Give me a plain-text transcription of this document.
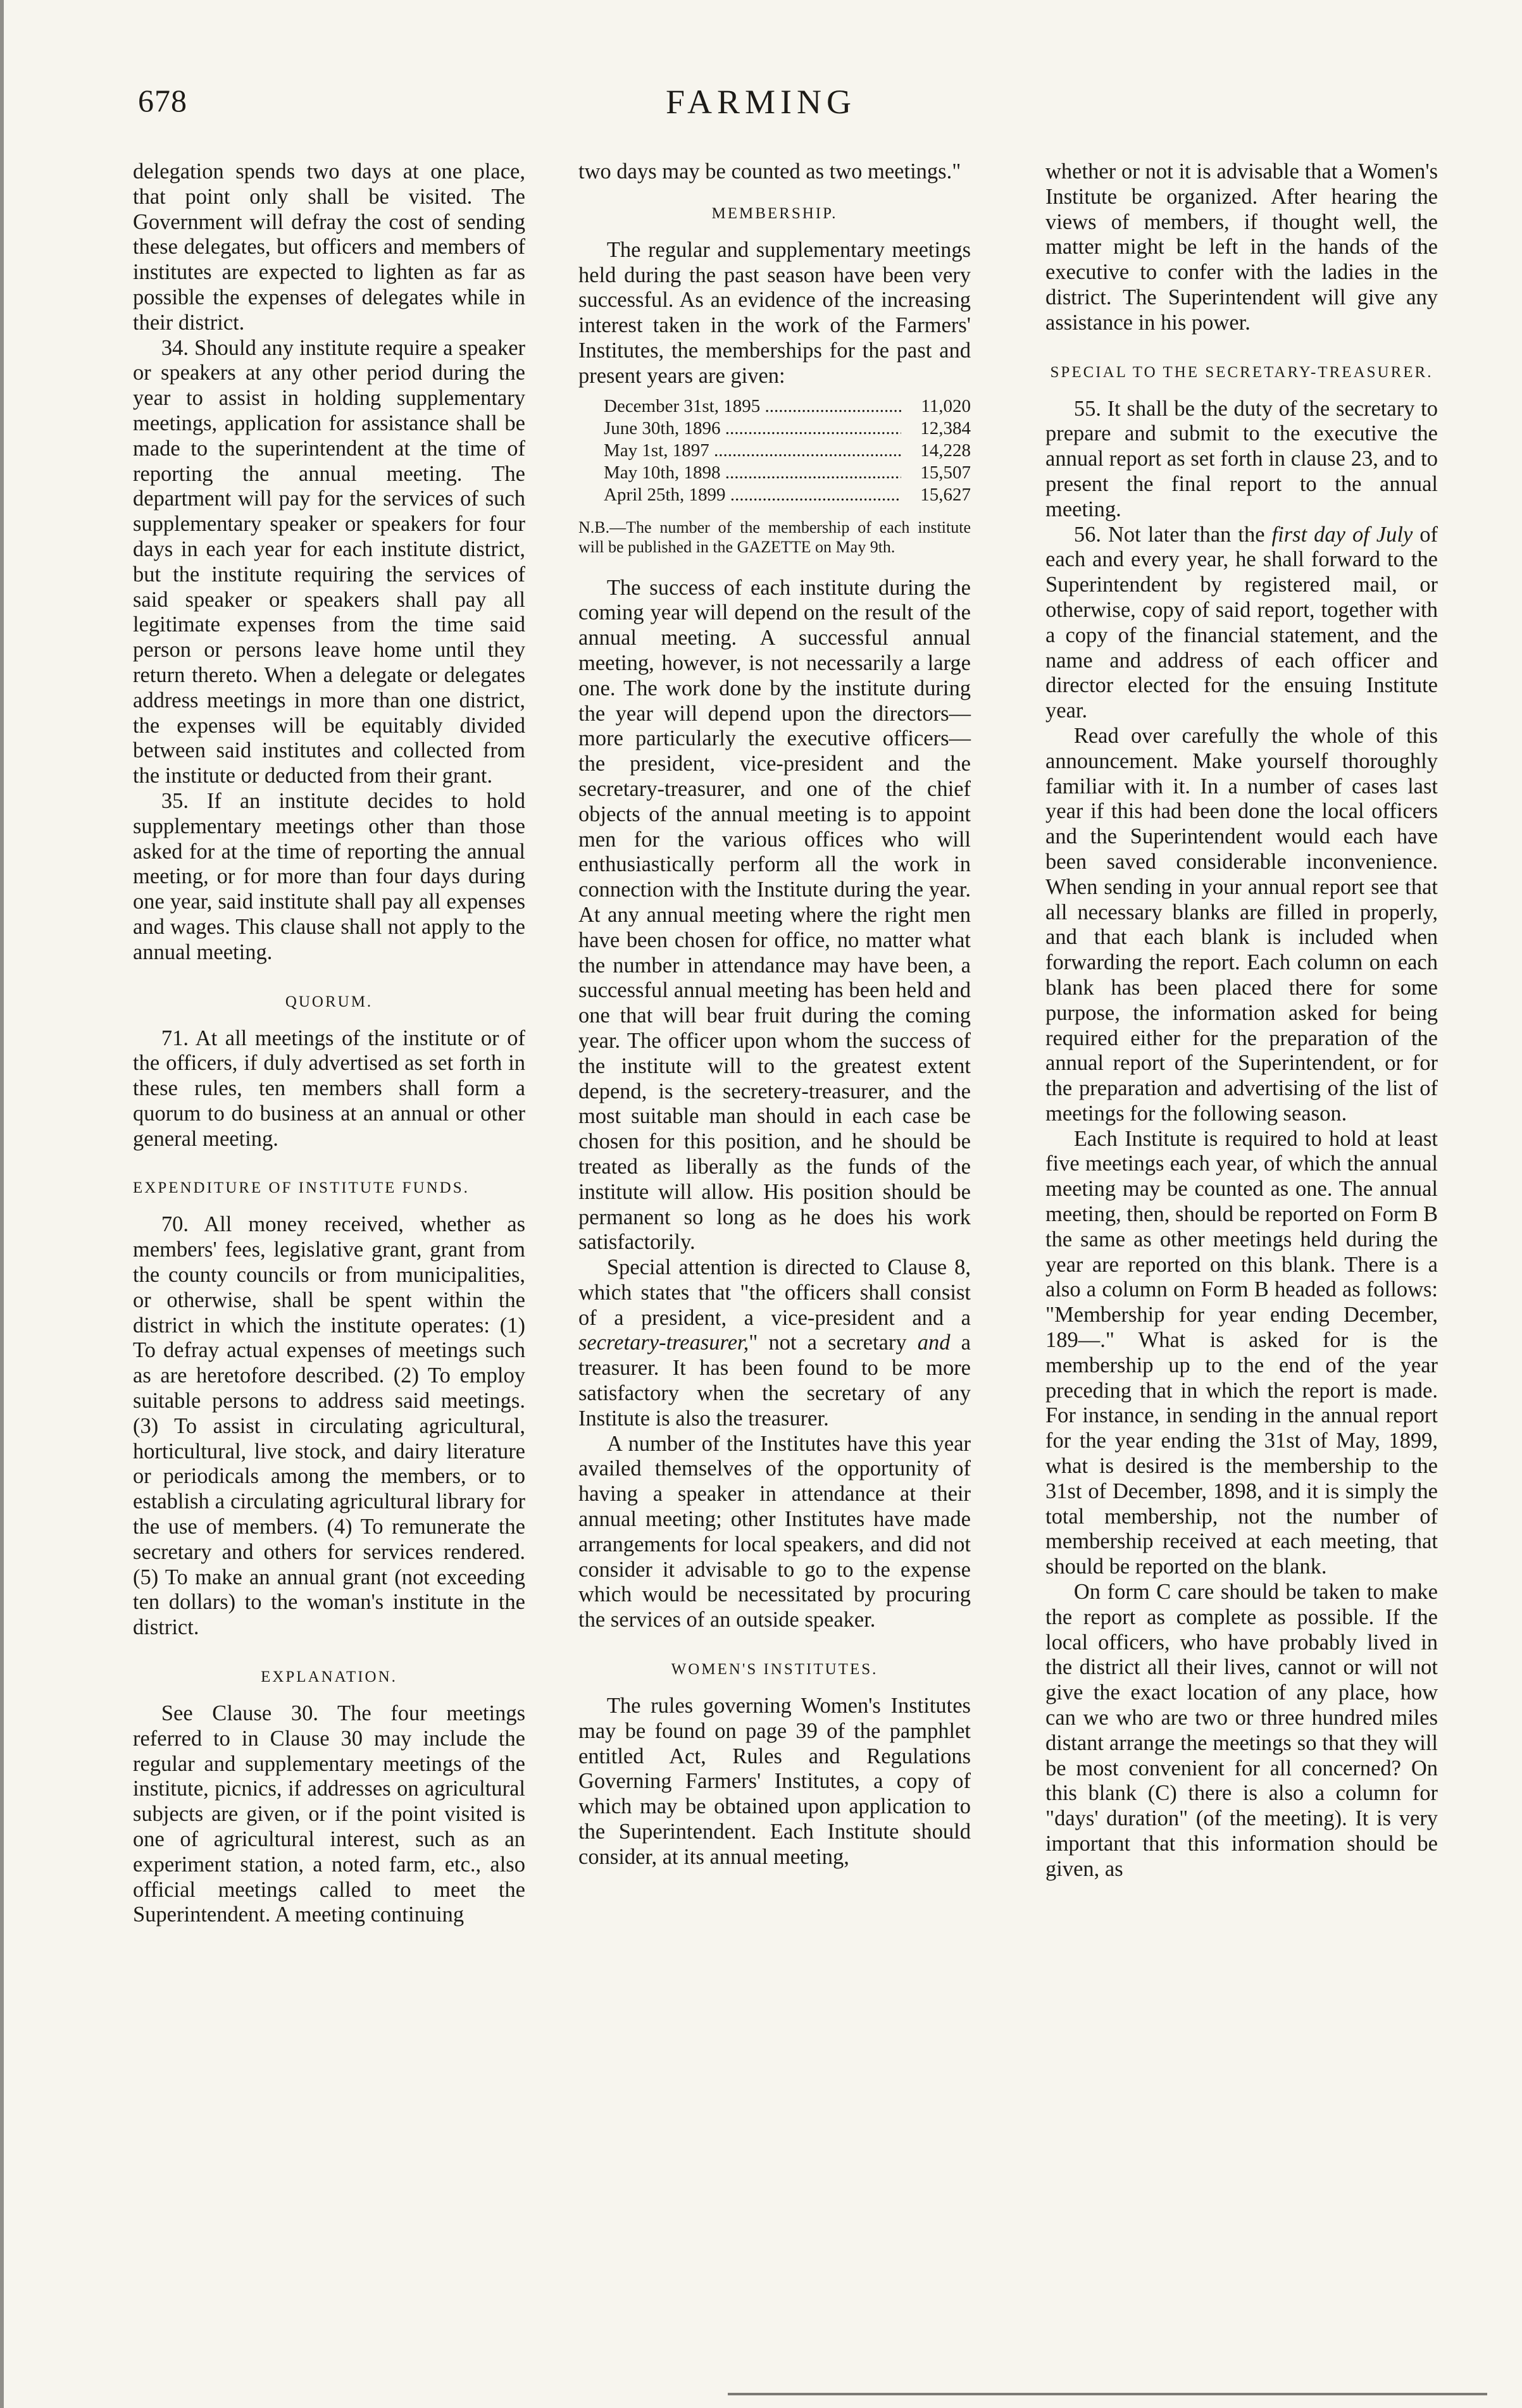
678	FARMING

delegation spends two days at one place, that point only shall be visited. The Government will defray the cost of sending these delegates, but officers and members of institutes are expected to lighten as far as possible the expenses of delegates while in their district.

34. Should any institute require a speaker or speakers at any other period during the year to assist in holding supplementary meetings, application for assistance shall be made to the superintendent at the time of reporting the annual meeting. The department will pay for the services of such supplementary speaker or speakers for four days in each year for each institute district, but the institute requiring the services of said speaker or speakers shall pay all legitimate expenses from the time said person or persons leave home until they return thereto. When a delegate or delegates address meetings in more than one district, the expenses will be equitably divided between said institutes and collected from the institute or deducted from their grant.

35. If an institute decides to hold supplementary meetings other than those asked for at the time of reporting the annual meeting, or for more than four days during one year, said institute shall pay all expenses and wages. This clause shall not apply to the annual meeting.

QUORUM.

71. At all meetings of the institute or of the officers, if duly advertised as set forth in these rules, ten members shall form a quorum to do business at an annual or other general meeting.

EXPENDITURE OF INSTITUTE FUNDS.

70. All money received, whether as members' fees, legislative grant, grant from the county councils or from municipalities, or otherwise, shall be spent within the district in which the institute operates: (1) To defray actual expenses of meetings such as are heretofore described. (2) To employ suitable persons to address said meetings. (3) To assist in circulating agricultural, horticultural, live stock, and dairy literature or periodicals among the members, or to establish a circulating agricultural library for the use of members. (4) To remunerate the secretary and others for services rendered. (5) To make an annual grant (not exceeding ten dollars) to the woman's institute in the district.

EXPLANATION.

See Clause 30. The four meetings referred to in Clause 30 may include the regular and supplementary meetings of the institute, picnics, if addresses on agricultural subjects are given, or if the point visited is one of agricultural interest, such as an experiment station, a noted farm, etc., also official meetings called to meet the Superintendent. A meeting continuing

two days may be counted as two meetings."

MEMBERSHIP.

The regular and supplementary meetings held during the past season have been very successful. As an evidence of the increasing interest taken in the work of the Farmers' Institutes, the memberships for the past and present years are given:

December 31st, 1895 .....	11,020
June 30th, 1896 .....	12,384
May 1st, 1897 .....	14,228
May 10th, 1898 .....	15,507
April 25th, 1899 .....	15,627
N.B.—The number of the membership of each institute will be published in the GAZETTE on May 9th.

The success of each institute during the coming year will depend on the result of the annual meeting. A successful annual meeting, however, is not necessarily a large one. The work done by the institute during the year will depend upon the directors—more particularly the executive officers—the president, vice-president and the secretary-treasurer, and one of the chief objects of the annual meeting is to appoint men for the various offices who will enthusiastically perform all the work in connection with the Institute during the year. At any annual meeting where the right men have been chosen for office, no matter what the number in attendance may have been, a successful annual meeting has been held and one that will bear fruit during the coming year. The officer upon whom the success of the institute will to the greatest extent depend, is the secretery-treasurer, and the most suitable man should in each case be chosen for this position, and he should be treated as liberally as the funds of the institute will allow. His position should be permanent so long as he does his work satisfactorily.

Special attention is directed to Clause 8, which states that "the officers shall consist of a president, a vice-president and a secretary-treasurer," not a secretary and a treasurer. It has been found to be more satisfactory when the secretary of any Institute is also the treasurer.

A number of the Institutes have this year availed themselves of the opportunity of having a speaker in attendance at their annual meeting; other Institutes have made arrangements for local speakers, and did not consider it advisable to go to the expense which would be necessitated by procuring the services of an outside speaker.

WOMEN'S INSTITUTES.

The rules governing Women's Institutes may be found on page 39 of the pamphlet entitled Act, Rules and Regulations Governing Farmers' Institutes, a copy of which may be obtained upon application to the Superintendent. Each Institute should consider, at its annual meeting,

whether or not it is advisable that a Women's Institute be organized. After hearing the views of members, if thought well, the matter might be left in the hands of the executive to confer with the ladies in the district. The Superintendent will give any assistance in his power.

SPECIAL TO THE SECRETARY-TREASURER.

55. It shall be the duty of the secretary to prepare and submit to the executive the annual report as set forth in clause 23, and to present the final report to the annual meeting.

56. Not later than the first day of July of each and every year, he shall forward to the Superintendent by registered mail, or otherwise, copy of said report, together with a copy of the financial statement, and the name and address of each officer and director elected for the ensuing Institute year.

Read over carefully the whole of this announcement. Make yourself thoroughly familiar with it. In a number of cases last year if this had been done the local officers and the Superintendent would each have been saved considerable inconvenience. When sending in your annual report see that all necessary blanks are filled in properly, and that each blank is included when forwarding the report. Each column on each blank has been placed there for some purpose, the information asked for being required either for the preparation of the annual report of the Superintendent, or for the preparation and advertising of the list of meetings for the following season.

Each Institute is required to hold at least five meetings each year, of which the annual meeting may be counted as one. The annual meeting, then, should be reported on Form B the same as other meetings held during the year are reported on this blank. There is a also a column on Form B headed as follows: "Membership for year ending December, 189—." What is asked for is the membership up to the end of the year preceding that in which the report is made. For instance, in sending in the annual report for the year ending the 31st of May, 1899, what is desired is the membership to the 31st of December, 1898, and it is simply the total membership, not the number of membership received at each meeting, that should be reported on the blank.

On form C care should be taken to make the report as complete as possible. If the local officers, who have probably lived in the district all their lives, cannot or will not give the exact location of any place, how can we who are two or three hundred miles distant arrange the meetings so that they will be most convenient for all concerned? On this blank (C) there is also a column for "days' duration" (of the meeting). It is very important that this information should be given, as
